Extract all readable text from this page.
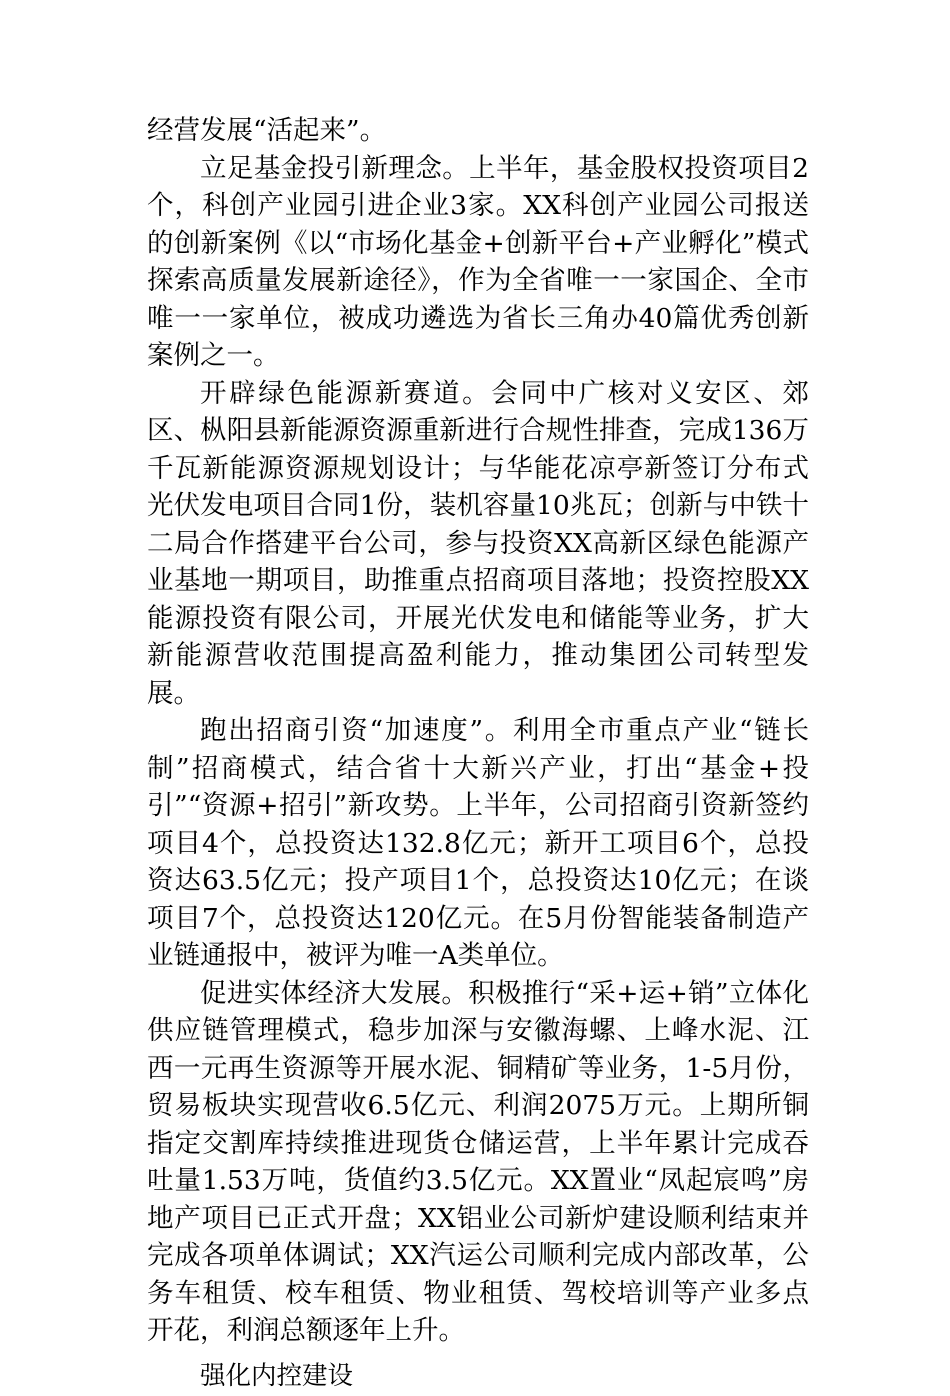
经营发展“活起来”。

立足基金投引新理念。上半年，基金股权投资项目2个，科创产业园引进企业3家。XX科创产业园公司报送的创新案例《以“市场化基金+创新平台+产业孵化”模式探索高质量发展新途径》，作为全省唯一一家国企、全市唯一一家单位，被成功遴选为省长三角办40篇优秀创新案例之一。

开辟绿色能源新赛道。会同中广核对义安区、郊区、枞阳县新能源资源重新进行合规性排查，完成136万千瓦新能源资源规划设计；与华能花凉亭新签订分布式光伏发电项目合同1份，装机容量10兆瓦；创新与中铁十二局合作搭建平台公司，参与投资XX高新区绿色能源产业基地一期项目，助推重点招商项目落地；投资控股XX能源投资有限公司，开展光伏发电和储能等业务，扩大新能源营收范围提高盈利能力，推动集团公司转型发展。

跑出招商引资“加速度”。利用全市重点产业“链长制”招商模式，结合省十大新兴产业，打出“基金+投引”“资源+招引”新攻势。上半年，公司招商引资新签约项目4个，总投资达132.8亿元；新开工项目6个，总投资达63.5亿元；投产项目1个，总投资达10亿元；在谈项目7个，总投资达120亿元。在5月份智能装备制造产业链通报中，被评为唯一A类单位。

促进实体经济大发展。积极推行“采+运+销”立体化供应链管理模式，稳步加深与安徽海螺、上峰水泥、江西一元再生资源等开展水泥、铜精矿等业务，1-5月份，贸易板块实现营收6.5亿元、利润2075万元。上期所铜指定交割库持续推进现货仓储运营，上半年累计完成吞吐量1.53万吨，货值约3.5亿元。XX置业“凤起宸鸣”房地产项目已正式开盘；XX铝业公司新炉建设顺利结束并完成各项单体调试；XX汽运公司顺利完成内部改革，公务车租赁、校车租赁、物业租赁、驾校培训等产业多点开花，利润总额逐年上升。

强化内控建设
